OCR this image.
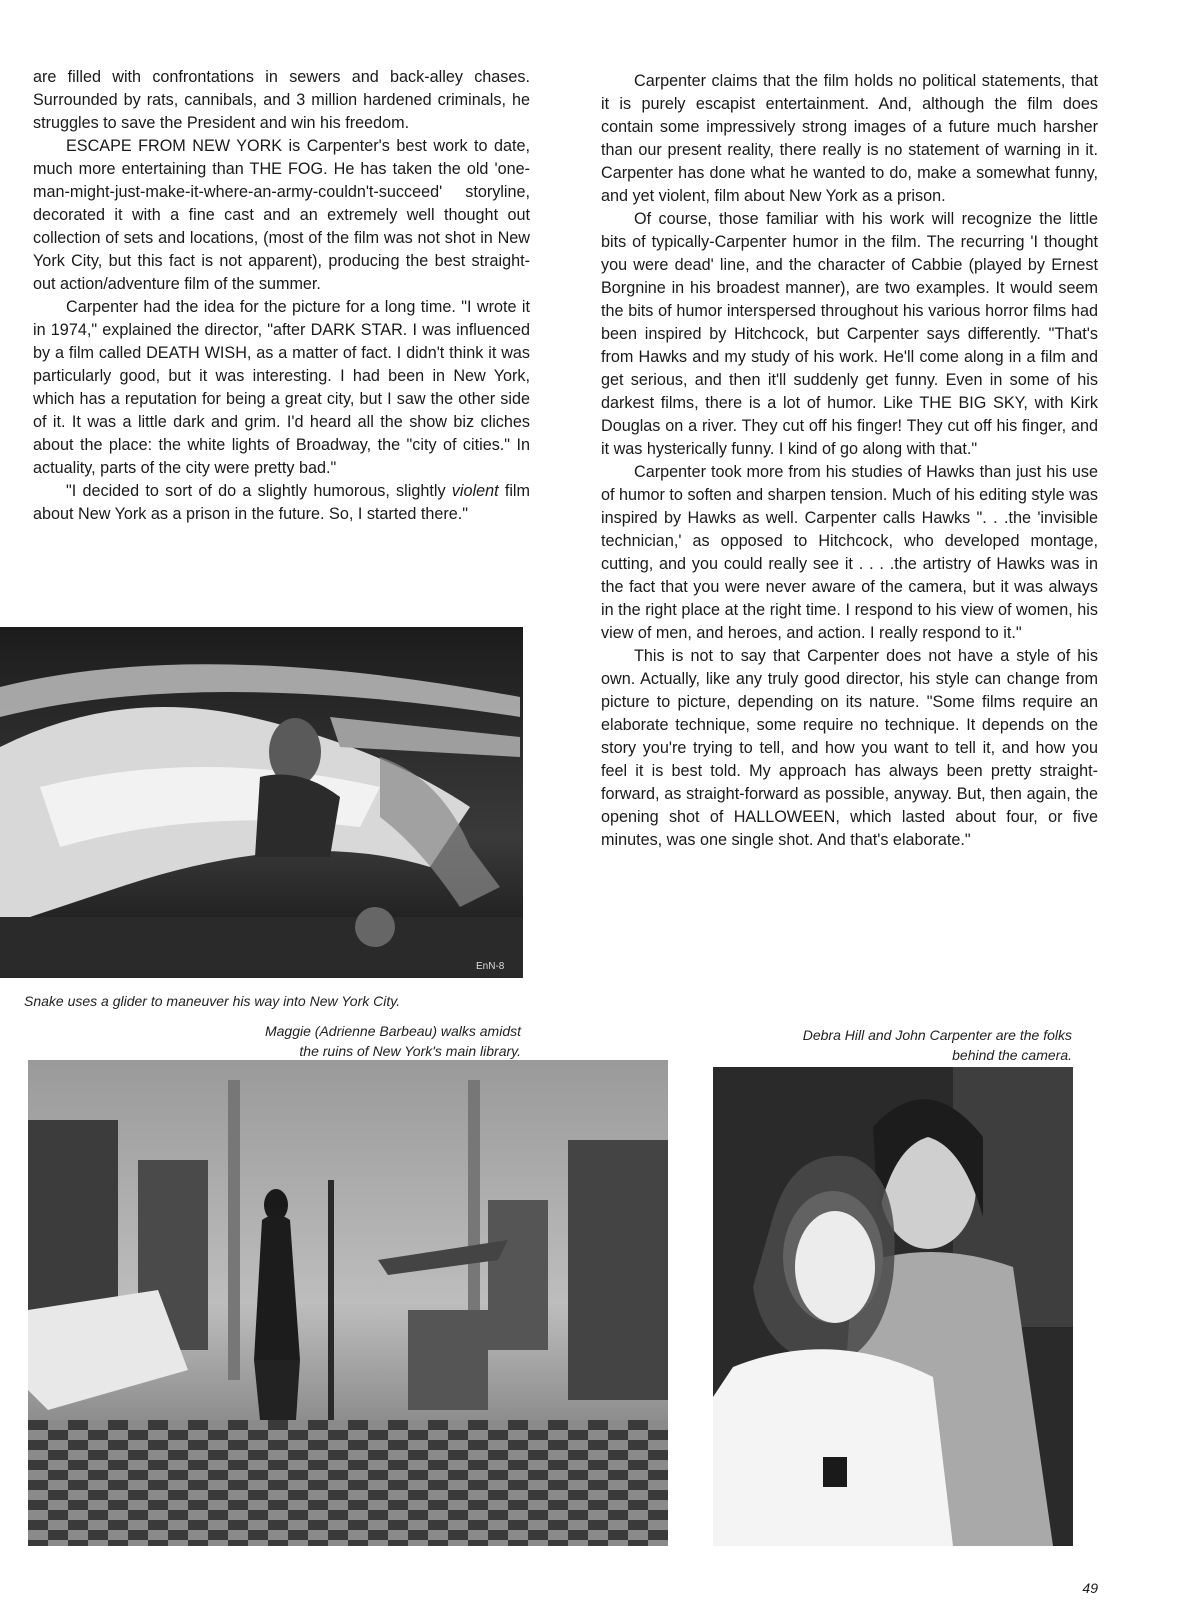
are filled with confrontations in sewers and back-alley chases. Surrounded by rats, cannibals, and 3 million hardened criminals, he struggles to save the President and win his freedom.

ESCAPE FROM NEW YORK is Carpenter's best work to date, much more entertaining than THE FOG. He has taken the old 'one-man-might-just-make-it-where-an-army-couldn't-succeed' storyline, decorated it with a fine cast and an extremely well thought out collection of sets and locations, (most of the film was not shot in New York City, but this fact is not apparent), producing the best straight-out action/adventure film of the summer.

Carpenter had the idea for the picture for a long time. "I wrote it in 1974," explained the director, "after DARK STAR. I was influenced by a film called DEATH WISH, as a matter of fact. I didn't think it was particularly good, but it was interesting. I had been in New York, which has a reputation for being a great city, but I saw the other side of it. It was a little dark and grim. I'd heard all the show biz cliches about the place: the white lights of Broadway, the "city of cities." In actuality, parts of the city were pretty bad."

"I decided to sort of do a slightly humorous, slightly violent film about New York as a prison in the future. So, I started there."

Carpenter claims that the film holds no political statements, that it is purely escapist entertainment. And, although the film does contain some impressively strong images of a future much harsher than our present reality, there really is no statement of warning in it. Carpenter has done what he wanted to do, make a somewhat funny, and yet violent, film about New York as a prison.

Of course, those familiar with his work will recognize the little bits of typically-Carpenter humor in the film. The recurring 'I thought you were dead' line, and the character of Cabbie (played by Ernest Borgnine in his broadest manner), are two examples. It would seem the bits of humor interspersed throughout his various horror films had been inspired by Hitchcock, but Carpenter says differently. "That's from Hawks and my study of his work. He'll come along in a film and get serious, and then it'll suddenly get funny. Even in some of his darkest films, there is a lot of humor. Like THE BIG SKY, with Kirk Douglas on a river. They cut off his finger! They cut off his finger, and it was hysterically funny. I kind of go along with that."

Carpenter took more from his studies of Hawks than just his use of humor to soften and sharpen tension. Much of his editing style was inspired by Hawks as well. Carpenter calls Hawks ". . .the 'invisible technician,' as opposed to Hitchcock, who developed montage, cutting, and you could really see it . . . .the artistry of Hawks was in the fact that you were never aware of the camera, but it was always in the right place at the right time. I respond to his view of women, his view of men, and heroes, and action. I really respond to it."

This is not to say that Carpenter does not have a style of his own. Actually, like any truly good director, his style can change from picture to picture, depending on its nature. "Some films require an elaborate technique, some require no technique. It depends on the story you're trying to tell, and how you want to tell it, and how you feel it is best told. My approach has always been pretty straight-forward, as straight-forward as possible, anyway. But, then again, the opening shot of HALLOWEEN, which lasted about four, or five minutes, was one single shot. And that's elaborate."

EnN-8
Snake uses a glider to maneuver his way into New York City.
Maggie (Adrienne Barbeau) walks amidst
the ruins of New York's main library.
Debra Hill and John Carpenter are the folks
behind the camera.
49
